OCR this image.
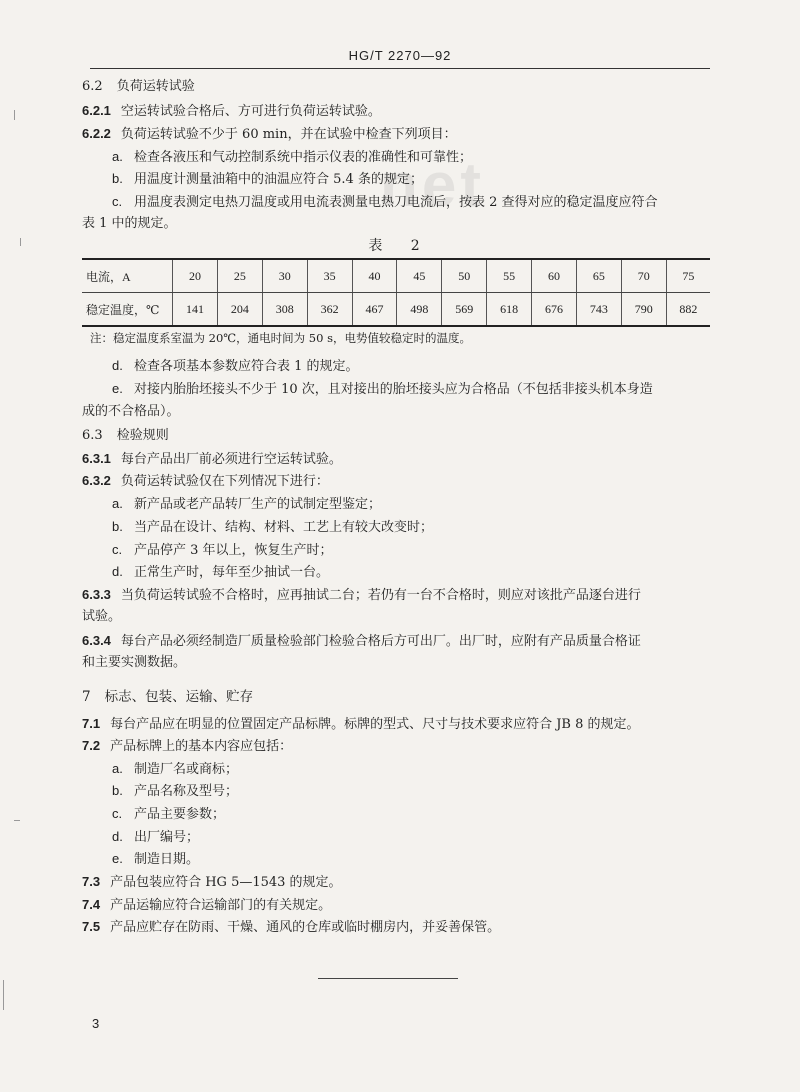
HG/T 2270—92
net
6.2 负荷运转试验
6.2.1 空运转试验合格后、方可进行负荷运转试验。
6.2.2 负荷运转试验不少于 60 min，并在试验中检查下列项目：
a. 检查各液压和气动控制系统中指示仪表的准确性和可靠性；
b. 用温度计测量油箱中的油温应符合 5.4 条的规定；
c. 用温度表测定电热刀温度或用电流表测量电热刀电流后，按表 2 查得对应的稳定温度应符合
表 1 中的规定。
表 2
电流，A	20	25	30	35	40	45	50	55	60	65	70	75
稳定温度，℃	141	204	308	362	467	498	569	618	676	743	790	882
注：稳定温度系室温为 20℃，通电时间为 50 s，电势值较稳定时的温度。
d. 检查各项基本参数应符合表 1 的规定。
e. 对接内胎胎坯接头不少于 10 次，且对接出的胎坯接头应为合格品（不包括非接头机本身造
成的不合格品）。
6.3 检验规则
6.3.1 每台产品出厂前必须进行空运转试验。
6.3.2 负荷运转试验仅在下列情况下进行：
a. 新产品或老产品转厂生产的试制定型鉴定；
b. 当产品在设计、结构、材料、工艺上有较大改变时；
c. 产品停产 3 年以上，恢复生产时；
d. 正常生产时，每年至少抽试一台。
6.3.3 当负荷运转试验不合格时，应再抽试二台；若仍有一台不合格时，则应对该批产品逐台进行
试验。
6.3.4 每台产品必须经制造厂质量检验部门检验合格后方可出厂。出厂时，应附有产品质量合格证
和主要实测数据。
7 标志、包装、运输、贮存
7.1 每台产品应在明显的位置固定产品标牌。标牌的型式、尺寸与技术要求应符合 JB 8 的规定。
7.2 产品标牌上的基本内容应包括：
a. 制造厂名或商标；
b. 产品名称及型号；
c. 产品主要参数；
d. 出厂编号；
e. 制造日期。
7.3 产品包装应符合 HG 5—1543 的规定。
7.4 产品运输应符合运输部门的有关规定。
7.5 产品应贮存在防雨、干燥、通风的仓库或临时棚房内，并妥善保管。
3
